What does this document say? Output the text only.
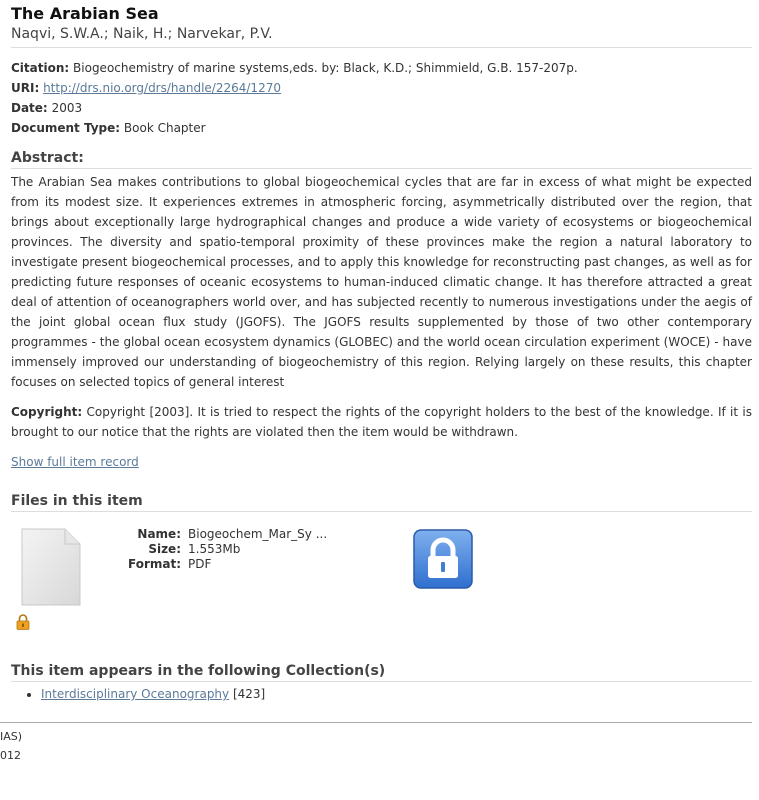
The Arabian Sea
Naqvi, S.W.A.; Naik, H.; Narvekar, P.V.
Citation: Biogeochemistry of marine systems,eds. by: Black, K.D.; Shimmield, G.B. 157-207p.
URI: http://drs.nio.org/drs/handle/2264/1270
Date: 2003
Document Type: Book Chapter
Abstract:

The Arabian Sea makes contributions to global biogeochemical cycles that are far in excess of what might be expected from its modest size. It experiences extremes in atmospheric forcing, asymmetrically distributed over the region, that brings about exceptionally large hydrographical changes and produce a wide variety of ecosystems or biogeochemical provinces. The diversity and spatio-temporal proximity of these provinces make the region a natural laboratory to investigate present biogeochemical processes, and to apply this knowledge for reconstructing past changes, as well as for predicting future responses of oceanic ecosystems to human-induced climatic change. It has therefore attracted a great deal of attention of oceanographers world over, and has subjected recently to numerous investigations under the aegis of the joint global ocean flux study (JGOFS). The JGOFS results supplemented by those of two other contemporary programmes - the global ocean ecosystem dynamics (GLOBEC) and the world ocean circulation experiment (WOCE) - have immensely improved our understanding of biogeochemistry of this region. Relying largely on these results, this chapter focuses on selected topics of general interest

Copyright: Copyright [2003]. It is tried to respect the rights of the copyright holders to the best of the knowledge. If it is brought to our notice that the rights are violated then the item would be withdrawn.

Show full item record
Files in this item
Name: Biogeochem_Mar_Sy ...
Size: 1.553Mb
Format: PDF
This item appears in the following Collection(s)
• Interdisciplinary Oceanography [423]
IAS)
012
